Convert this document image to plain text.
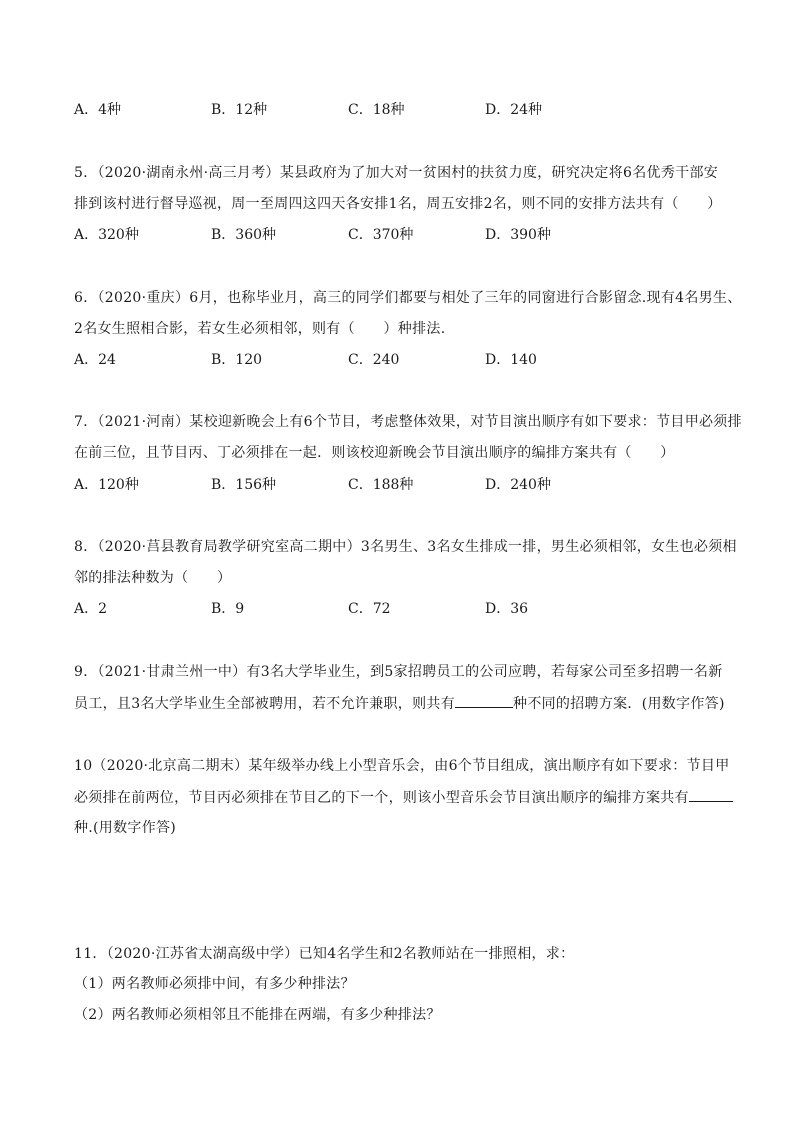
A．4种	B．12种	C．18种	D．24种
5．（2020·湖南永州·高三月考）某县政府为了加大对一贫困村的扶贫力度，研究决定将6名优秀干部安
排到该村进行督导巡视，周一至周四这四天各安排1名，周五安排2名，则不同的安排方法共有（　　）
A．320种	B．360种	C．370种	D．390种
6．（2020·重庆）6月，也称毕业月，高三的同学们都要与相处了三年的同窗进行合影留念.现有4名男生、
2名女生照相合影，若女生必须相邻，则有（　　）种排法.
A．24	B．120	C．240	D．140
7．（2021·河南）某校迎新晚会上有6个节目，考虑整体效果，对节目演出顺序有如下要求：节目甲必须排
在前三位，且节目丙、丁必须排在一起．则该校迎新晚会节目演出顺序的编排方案共有（　　）
A．120种	B．156种	C．188种	D．240种
8．（2020·莒县教育局教学研究室高二期中）3名男生、3名女生排成一排，男生必须相邻，女生也必须相
邻的排法种数为（　　）
A．2	B．9	C．72	D．36
9．（2021·甘肃兰州一中）有3名大学毕业生，到5家招聘员工的公司应聘，若每家公司至多招聘一名新
员工，且3名大学毕业生全部被聘用，若不允许兼职，则共有	种不同的招聘方案．(用数字作答)
10（2020·北京高二期末）某年级举办线上小型音乐会，由6个节目组成，演出顺序有如下要求：节目甲
必须排在前两位，节目丙必须排在节目乙的下一个，则该小型音乐会节目演出顺序的编排方案共有
种.(用数字作答)
11．（2020·江苏省太湖高级中学）已知4名学生和2名教师站在一排照相，求：
（1）两名教师必须排中间，有多少种排法？
（2）两名教师必须相邻且不能排在两端，有多少种排法？
